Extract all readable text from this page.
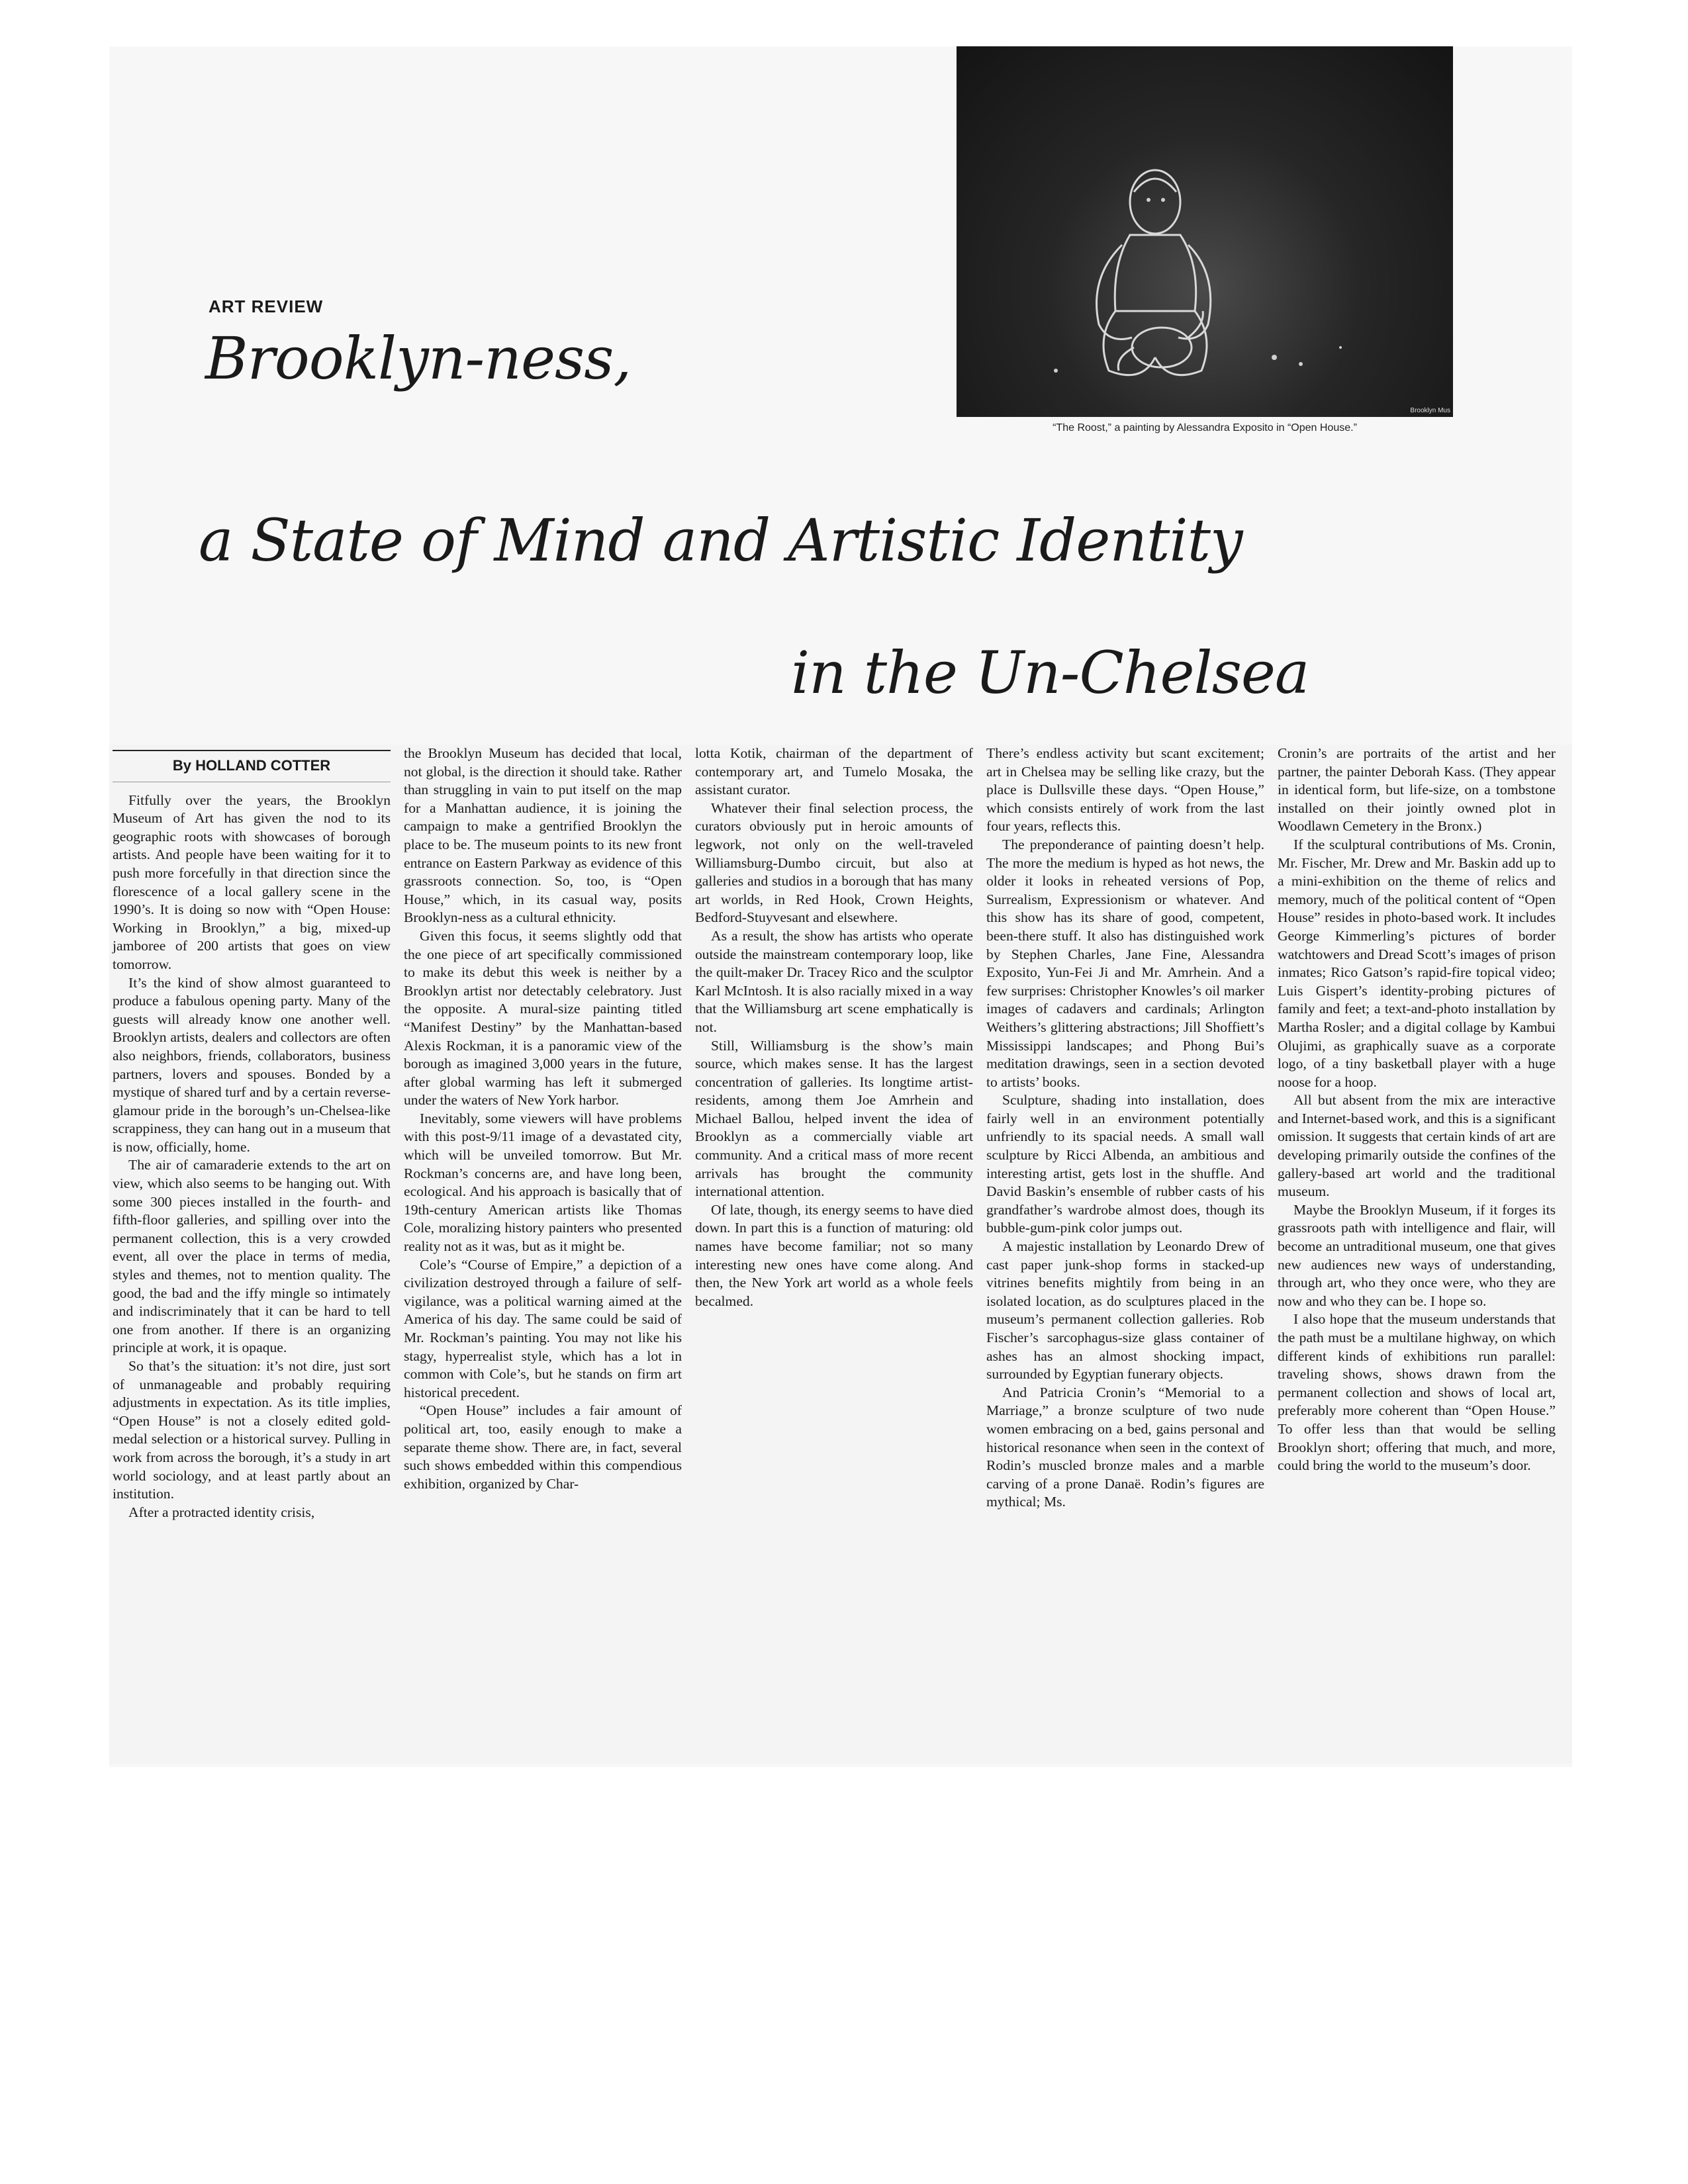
ART REVIEW
Brooklyn-ness,
a State of Mind and Artistic Identity
in the Un-Chelsea
Brooklyn Mus
“The Roost,” a painting by Alessandra Exposito in “Open House.”
By HOLLAND COTTER

Fitfully over the years, the Brooklyn Museum of Art has given the nod to its geographic roots with showcases of borough artists. And people have been waiting for it to push more forcefully in that direction since the florescence of a local gallery scene in the 1990’s. It is doing so now with “Open House: Working in Brooklyn,” a big, mixed-up jamboree of 200 artists that goes on view tomorrow.

It’s the kind of show almost guaranteed to produce a fabulous opening party. Many of the guests will already know one another well. Brooklyn artists, dealers and collectors are often also neighbors, friends, collaborators, business partners, lovers and spouses. Bonded by a mystique of shared turf and by a certain reverse-glamour pride in the borough’s un-Chelsea-like scrappiness, they can hang out in a museum that is now, officially, home.

The air of camaraderie extends to the art on view, which also seems to be hanging out. With some 300 pieces installed in the fourth- and fifth-floor galleries, and spilling over into the permanent collection, this is a very crowded event, all over the place in terms of media, styles and themes, not to mention quality. The good, the bad and the iffy mingle so intimately and indiscriminately that it can be hard to tell one from another. If there is an organizing principle at work, it is opaque.

So that’s the situation: it’s not dire, just sort of unmanageable and probably requiring adjustments in expectation. As its title implies, “Open House” is not a closely edited gold-medal selection or a historical survey. Pulling in work from across the borough, it’s a study in art world sociology, and at least partly about an institution.

After a protracted identity crisis,

the Brooklyn Museum has decided that local, not global, is the direction it should take. Rather than struggling in vain to put itself on the map for a Manhattan audience, it is joining the campaign to make a gentrified Brooklyn the place to be. The museum points to its new front entrance on Eastern Parkway as evidence of this grassroots connection. So, too, is “Open House,” which, in its casual way, posits Brooklyn-ness as a cultural ethnicity.

Given this focus, it seems slightly odd that the one piece of art specifically commissioned to make its debut this week is neither by a Brooklyn artist nor detectably celebratory. Just the opposite. A mural-size painting titled “Manifest Destiny” by the Manhattan-based Alexis Rockman, it is a panoramic view of the borough as imagined 3,000 years in the future, after global warming has left it submerged under the waters of New York harbor.

Inevitably, some viewers will have problems with this post-9/11 image of a devastated city, which will be unveiled tomorrow. But Mr. Rockman’s concerns are, and have long been, ecological. And his approach is basically that of 19th-century American artists like Thomas Cole, moralizing history painters who presented reality not as it was, but as it might be.

Cole’s “Course of Empire,” a depiction of a civilization destroyed through a failure of self-vigilance, was a political warning aimed at the America of his day. The same could be said of Mr. Rockman’s painting. You may not like his stagy, hyperrealist style, which has a lot in common with Cole’s, but he stands on firm art historical precedent.

“Open House” includes a fair amount of political art, too, easily enough to make a separate theme show. There are, in fact, several such shows embedded within this compendious exhibition, organized by Char-

lotta Kotik, chairman of the department of contemporary art, and Tumelo Mosaka, the assistant curator.

Whatever their final selection process, the curators obviously put in heroic amounts of legwork, not only on the well-traveled Williamsburg-Dumbo circuit, but also at galleries and studios in a borough that has many art worlds, in Red Hook, Crown Heights, Bedford-Stuyvesant and elsewhere.

As a result, the show has artists who operate outside the mainstream contemporary loop, like the quilt-maker Dr. Tracey Rico and the sculptor Karl McIntosh. It is also racially mixed in a way that the Williamsburg art scene emphatically is not.

Still, Williamsburg is the show’s main source, which makes sense. It has the largest concentration of galleries. Its longtime artist-residents, among them Joe Amrhein and Michael Ballou, helped invent the idea of Brooklyn as a commercially viable art community. And a critical mass of more recent arrivals has brought the community international attention.

Of late, though, its energy seems to have died down. In part this is a function of maturing: old names have become familiar; not so many interesting new ones have come along. And then, the New York art world as a whole feels becalmed.

There’s endless activity but scant excitement; art in Chelsea may be selling like crazy, but the place is Dullsville these days. “Open House,” which consists entirely of work from the last four years, reflects this.

The preponderance of painting doesn’t help. The more the medium is hyped as hot news, the older it looks in reheated versions of Pop, Surrealism, Expressionism or whatever. And this show has its share of good, competent, been-there stuff. It also has distinguished work by Stephen Charles, Jane Fine, Alessandra Exposito, Yun-Fei Ji and Mr. Amrhein. And a few surprises: Christopher Knowles’s oil marker images of cadavers and cardinals; Arlington Weithers’s glittering abstractions; Jill Shoffiett’s Mississippi landscapes; and Phong Bui’s meditation drawings, seen in a section devoted to artists’ books.

Sculpture, shading into installation, does fairly well in an environment potentially unfriendly to its spacial needs. A small wall sculpture by Ricci Albenda, an ambitious and interesting artist, gets lost in the shuffle. And David Baskin’s ensemble of rubber casts of his grandfather’s wardrobe almost does, though its bubble-gum-pink color jumps out.

A majestic installation by Leonardo Drew of cast paper junk-shop forms in stacked-up vitrines benefits mightily from being in an isolated location, as do sculptures placed in the museum’s permanent collection galleries. Rob Fischer’s sarcophagus-size glass container of ashes has an almost shocking impact, surrounded by Egyptian funerary objects.

And Patricia Cronin’s “Memorial to a Marriage,” a bronze sculpture of two nude women embracing on a bed, gains personal and historical resonance when seen in the context of Rodin’s muscled bronze males and a marble carving of a prone Danaë. Rodin’s figures are mythical; Ms.

Cronin’s are portraits of the artist and her partner, the painter Deborah Kass. (They appear in identical form, but life-size, on a tombstone installed on their jointly owned plot in Woodlawn Cemetery in the Bronx.)

If the sculptural contributions of Ms. Cronin, Mr. Fischer, Mr. Drew and Mr. Baskin add up to a mini-exhibition on the theme of relics and memory, much of the political content of “Open House” resides in photo-based work. It includes George Kimmerling’s pictures of border watchtowers and Dread Scott’s images of prison inmates; Rico Gatson’s rapid-fire topical video; Luis Gispert’s identity-probing pictures of family and feet; a text-and-photo installation by Martha Rosler; and a digital collage by Kambui Olujimi, as graphically suave as a corporate logo, of a tiny basketball player with a huge noose for a hoop.

All but absent from the mix are interactive and Internet-based work, and this is a significant omission. It suggests that certain kinds of art are developing primarily outside the confines of the gallery-based art world and the traditional museum.

Maybe the Brooklyn Museum, if it forges its grassroots path with intelligence and flair, will become an untraditional museum, one that gives new audiences new ways of understanding, through art, who they once were, who they are now and who they can be. I hope so.

I also hope that the museum understands that the path must be a multilane highway, on which different kinds of exhibitions run parallel: traveling shows, shows drawn from the permanent collection and shows of local art, preferably more coherent than “Open House.” To offer less than that would be selling Brooklyn short; offering that much, and more, could bring the world to the museum’s door.
